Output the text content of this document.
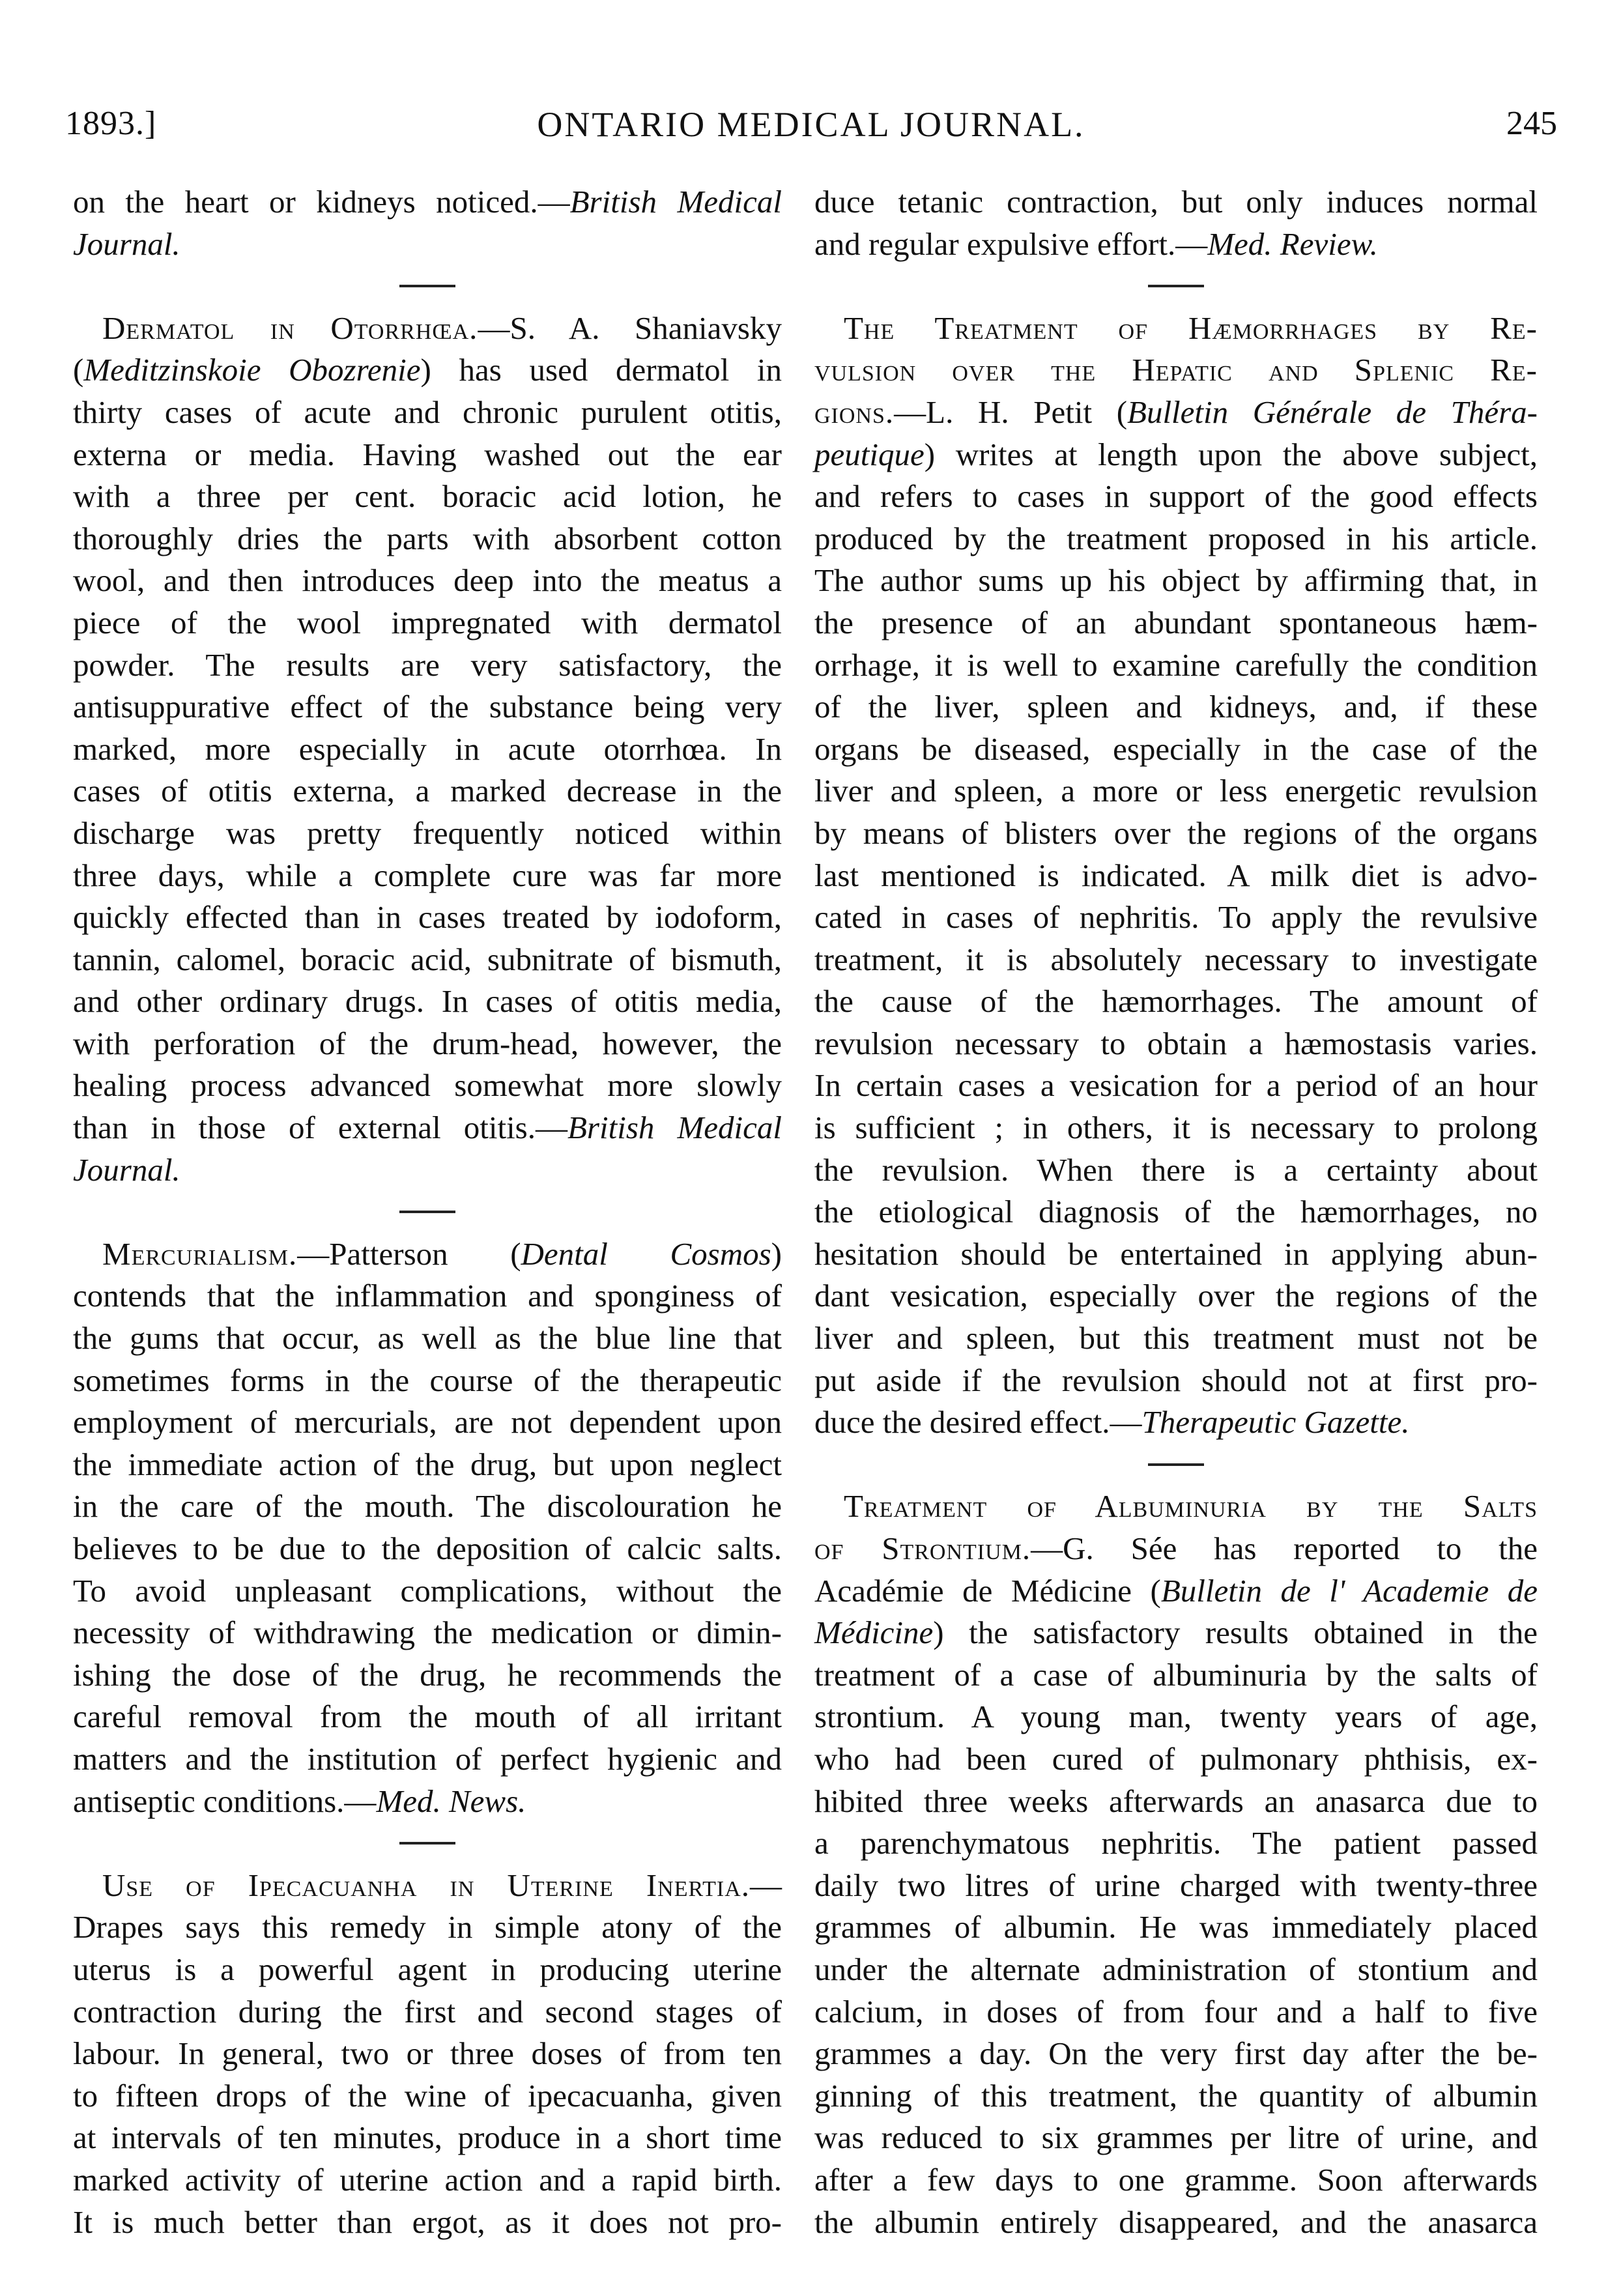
1893.]	ONTARIO MEDICAL JOURNAL.	245
on the heart or kidneys noticed.—British Medical
Journal.
Dermatol in Otorrhœa.—S. A. Shaniavsky
(Meditzinskoie Obozrenie) has used dermatol in
thirty cases of acute and chronic purulent otitis,
externa or media. Having washed out the ear
with a three per cent. boracic acid lotion, he
thoroughly dries the parts with absorbent cotton
wool, and then introduces deep into the meatus a
piece of the wool impregnated with dermatol
powder. The results are very satisfactory, the
antisuppurative effect of the substance being very
marked, more especially in acute otorrhœa. In
cases of otitis externa, a marked decrease in the
discharge was pretty frequently noticed within
three days, while a complete cure was far more
quickly effected than in cases treated by iodoform,
tannin, calomel, boracic acid, subnitrate of bismuth,
and other ordinary drugs. In cases of otitis media,
with perforation of the drum-head, however, the
healing process advanced somewhat more slowly
than in those of external otitis.—British Medical
Journal.
Mercurialism.—Patterson (Dental Cosmos)
contends that the inflammation and sponginess of
the gums that occur, as well as the blue line that
sometimes forms in the course of the therapeutic
employment of mercurials, are not dependent upon
the immediate action of the drug, but upon neglect
in the care of the mouth. The discolouration he
believes to be due to the deposition of calcic salts.
To avoid unpleasant complications, without the
necessity of withdrawing the medication or dimin-
ishing the dose of the drug, he recommends the
careful removal from the mouth of all irritant
matters and the institution of perfect hygienic and
antiseptic conditions.—Med. News.
Use of Ipecacuanha in Uterine Inertia.—
Drapes says this remedy in simple atony of the
uterus is a powerful agent in producing uterine
contraction during the first and second stages of
labour. In general, two or three doses of from ten
to fifteen drops of the wine of ipecacuanha, given
at intervals of ten minutes, produce in a short time
marked activity of uterine action and a rapid birth.
It is much better than ergot, as it does not pro-
duce tetanic contraction, but only induces normal
and regular expulsive effort.—Med. Review.
The Treatment of Hæmorrhages by Re-
vulsion over the Hepatic and Splenic Re-
gions.—L. H. Petit (Bulletin Générale de Théra-
peutique) writes at length upon the above subject,
and refers to cases in support of the good effects
produced by the treatment proposed in his article.
The author sums up his object by affirming that, in
the presence of an abundant spontaneous hæm-
orrhage, it is well to examine carefully the condition
of the liver, spleen and kidneys, and, if these
organs be diseased, especially in the case of the
liver and spleen, a more or less energetic revulsion
by means of blisters over the regions of the organs
last mentioned is indicated. A milk diet is advo-
cated in cases of nephritis. To apply the revulsive
treatment, it is absolutely necessary to investigate
the cause of the hæmorrhages. The amount of
revulsion necessary to obtain a hæmostasis varies.
In certain cases a vesication for a period of an hour
is sufficient ; in others, it is necessary to prolong
the revulsion. When there is a certainty about
the etiological diagnosis of the hæmorrhages, no
hesitation should be entertained in applying abun-
dant vesication, especially over the regions of the
liver and spleen, but this treatment must not be
put aside if the revulsion should not at first pro-
duce the desired effect.—Therapeutic Gazette.
Treatment of Albuminuria by the Salts
of Strontium.—G. Sée has reported to the
Académie de Médicine (Bulletin de l' Academie de
Médicine) the satisfactory results obtained in the
treatment of a case of albuminuria by the salts of
strontium. A young man, twenty years of age,
who had been cured of pulmonary phthisis, ex-
hibited three weeks afterwards an anasarca due to
a parenchymatous nephritis. The patient passed
daily two litres of urine charged with twenty-three
grammes of albumin. He was immediately placed
under the alternate administration of stontium and
calcium, in doses of from four and a half to five
grammes a day. On the very first day after the be-
ginning of this treatment, the quantity of albumin
was reduced to six grammes per litre of urine, and
after a few days to one gramme. Soon afterwards
the albumin entirely disappeared, and the anasarca
